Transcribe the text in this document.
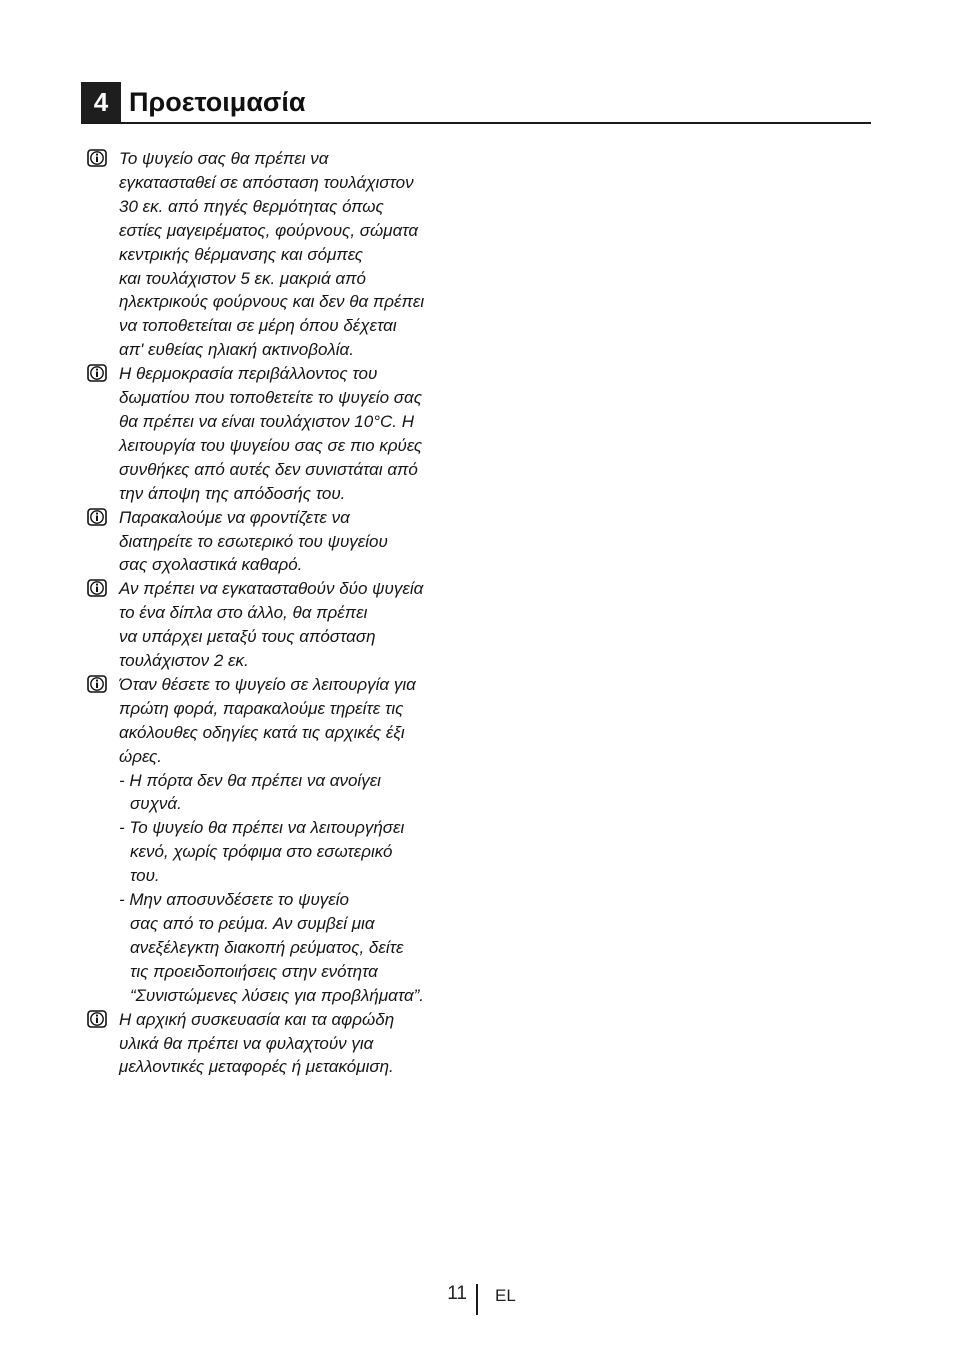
4 Προετοιμασία
Το ψυγείο σας θα πρέπει να
εγκατασταθεί σε απόσταση τουλάχιστον
30 εκ. από πηγές θερμότητας όπως
εστίες μαγειρέματος, φούρνους, σώματα
κεντρικής θέρμανσης και σόμπες
και τουλάχιστον 5 εκ. μακριά από
ηλεκτρικούς φούρνους και δεν θα πρέπει
να τοποθετείται σε μέρη όπου δέχεται
απ' ευθείας ηλιακή ακτινοβολία.
Η θερμοκρασία περιβάλλοντος του
δωματίου που τοποθετείτε το ψυγείο σας
θα πρέπει να είναι τουλάχιστον 10°C. Η
λειτουργία του ψυγείου σας σε πιο κρύες
συνθήκες από αυτές δεν συνιστάται από
την άποψη της απόδοσής του.
Παρακαλούμε να φροντίζετε να
διατηρείτε το εσωτερικό του ψυγείου
σας σχολαστικά καθαρό.
Αν πρέπει να εγκατασταθούν δύο ψυγεία
το ένα δίπλα στο άλλο, θα πρέπει
να υπάρχει μεταξύ τους απόσταση
τουλάχιστον 2 εκ.
Όταν θέσετε το ψυγείο σε λειτουργία για
πρώτη φορά, παρακαλούμε τηρείτε τις
ακόλουθες οδηγίες κατά τις αρχικές έξι
ώρες.
- Η πόρτα δεν θα πρέπει να ανοίγει
συχνά.
- Το ψυγείο θα πρέπει να λειτουργήσει
κενό, χωρίς τρόφιμα στο εσωτερικό
του.
- Μην αποσυνδέσετε το ψυγείο
σας από το ρεύμα. Αν συμβεί μια
ανεξέλεγκτη διακοπή ρεύματος, δείτε
τις προειδοποιήσεις στην ενότητα
“Συνιστώμενες λύσεις για προβλήματα”.
Η αρχική συσκευασία και τα αφρώδη
υλικά θα πρέπει να φυλαχτούν για
μελλοντικές μεταφορές ή μετακόμιση.
11 EL
